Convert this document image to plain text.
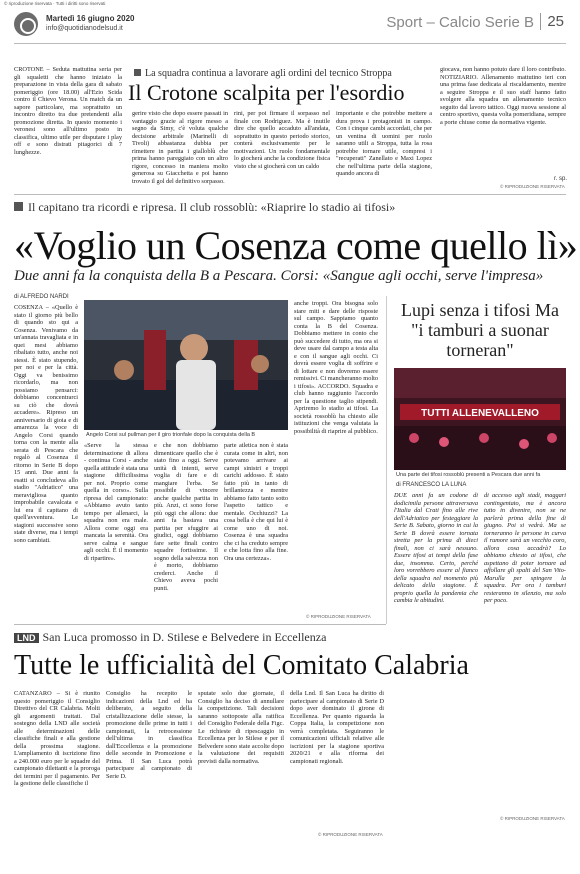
© riproduzione riservata · Tutti i diritti sono riservati
Martedì 16 giugno 2020
info@quotidianodelsud.it	Sport – Calcio Serie B 25
CROTONE – Seduta mattutina seria per gli squaletti che hanno iniziato la preparazione in vista della gara di sabato pomeriggio (ore 18.00) all'Ezio Scida contro il Chievo Verona. Un match da un sapore particolare, ma soprattutto un incontro diretto tra due pretendenti alla promozione diretta. In questo momento i veronesi sono all'ultimo posto in classifica, ultimo utile per disputare i play off e sono distrati pitagorici di 7 lunghezze.
La squadra continua a lavorare agli ordini del tecnico Stroppa
Il Crotone scalpita per l'esordio
gerire visto che dopo essere passati in vantaggio grazie al rigore messo a segno da Simy, c'è voluta qualche decisione arbitrale (Marinelli di Tivoli) abbastanza dubbia per rimettere in partita i gialloblù che prima hanno pareggiato con un altro rigore, concesso in maniera molto generosa su Giacchetta e poi hanno trovato il gol del definitivo sorpasso.
rini, per poi firmare il sorpasso nel finale con Rodriguez. Ma è inutile dire che quello accaduto all'andata, soprattutto in questo periodo storico, conterà esclusivamente per le motivazioni. Un ruolo fondamentale lo giocherà anche la condizione fisica visto che si giocherà con un caldo
importante e che potrebbe mettere a dura prova i protagonisti in campo. Con i cinque cambi accordati, che per un ventina di uomini per ruolo saranno utili a Stroppa, tutta la rosa potrebbe tornare utile, compresi i "recuperati" Zanellato e Maxi Lopez che nell'ultima parte della stagione, quando ancora di
giocava, non hanno potuto dare il loro contributo. NOTIZIARIO. Allenamento mattutino ieri con una prima fase dedicata al riscaldamento, mentre a seguire Stroppa e il suo staff hanno fatto svolgere alla squadra un allenamento tecnico seguito dal lavoro tattico. Oggi nuova sessione al centro sportivo, questa volta pomeridiana, sempre a porte chiuse come da normativa vigente.
r. sp.
© RIPRODUZIONE RISERVATA
Il capitano tra ricordi e ripresa. Il club rossoblù: «Riaprire lo stadio ai tifosi»
«Voglio un Cosenza come quello lì»
Due anni fa la conquista della B a Pescara. Corsi: «Sangue agli occhi, serve l'impresa»
di ALFREDO NARDI
COSENZA – «Quello è stato il giorno più bello di quando sto qui a Cosenza. Venivamo da un'annata travagliata e in quei mesi abbiamo ribaltato tutto, anche noi stessi. È stato stupendo, per noi e per la città. Oggi va benissimo ricordarlo, ma non possiamo pensarci: dobbiamo concentrarci su ciò che dovrà accadere». Ripreso un anniversario di gioia e di amarezza la voce di Angelo Corsi quando torna con la mente alla serata di Pescara che regalò al Cosenza il ritorno in Serie B dopo 15 anni. Due anni fa esatti si concludeva allo stadio "Adriatico" una meravigliosa quanto improbabile cavalcata e lui era il capitano di quell'avventura. Le stagioni successive sono state diverse, ma i tempi sono cambiati.
Angelo Corsi sul pullman per il giro trionfale dopo la conquista della B
«Serve la stessa determinazione di allora - continua Corsi - anche quella attitude è stata una stagione difficilissima per noi. Proprio come quella in corso». Sulla ripresa del campionato: «Abbiamo avuto tanto tempo per allenarci, la squadra non era male. Allora come oggi era mancata la serenità. Ora serve calma e sangue agli occhi. È il momento di ripartire».
e che non dobbiamo dimenticare quello che è stato fino a oggi. Serve unità di intenti, serve voglia di fare e di mangiare l'erba. Se possibile di vincere anche qualche partita in più. Anzi, ci sono forse più oggi che allora: due anni fa bastava una partita per sfuggire ai giudici, oggi dobbiamo fare sette finali contro squadre fortissime. Il sogno della salvezza non è morto, dobbiamo crederci. Anche il Chievo aveva pochi punti.
parte atletica non è stata curata come in altri, non potevamo arrivare ai campi sinistri e troppi carichi addosso. È stato fatto più in tanto di brillantezza e mentre abbiamo fatto tanto sotto l'aspetto tattico e mentale. Occhiuzzi? La cosa bella è che qui lui è come uno di noi. Cosenza è una squadra che ci ha creduto sempre e che lotta fino alla fine. Ora una certezza».
anche troppi. Ora bisogna solo stare miti e dare delle risposte sul campo. Sappiamo quanto conta la B del Cosenza. Dobbiamo mettere in conto che può succedere di tutto, ma ora si deve usare dal campo a testa alta e con il sangue agli occhi. Ci dovrà essere voglia di soffrire e di lottare e non dovremo essere remissivi. Ci mancheranno molto i tifosi». ACCORDO. Squadra e club hanno raggiunto l'accordo per la questione taglio stipendi. Apriremo lo stadio ai tifosi. La società rossoblù ha chiesto alle istituzioni che venga valutata la possibilità di riaprire al pubblico.
© RIPRODUZIONE RISERVATA
Lupi senza i tifosi Ma "i tamburi a suonar torneran"
TUTTI ALLENEVALLENO
Una parte dei tifosi rossoblù presenti a Pescara due anni fa
di FRANCESCO LA LUNA
DUE anni fa un codone di dodicimila persone attraversava l'Italia dal Crati fino alle rive dell'Adriatico per festeggiare la Serie B. Sabato, giorno in cui la Serie B dovrà essere tornata stretta per la prima di dieci finali, non ci sarà nessuno. Essere tifosi ai tempi della fase due, insomma. Certo, perché loro vorrebbero essere al fianco della squadra nel momento più delicato della stagione. È proprio quella la pandemia che cambia le abitudini.
di accesso agli stadi, maggari contingentato, ma è ancora tutto in divenire, non se ne parlerà prima della fine di giugno. Poi si vedrà. Ma se torneranno le persone in curva il rumore sarà un vecchio coro, allora cosa accadrà? Lo abbiamo chiesto ai tifosi, che aspettano di poter tornare ad affollare gli spalti del San Vito-Marulla per spingere la squadra. Per ora i tamburi resteranno in silenzio, ma solo per poco.
© RIPRODUZIONE RISERVATA
LND San Luca promosso in D. Stilese e Belvedere in Eccellenza
Tutte le ufficialità del Comitato Calabria
CATANZARO – Si è riunito questo pomeriggio il Consiglio Direttivo del CR Calabria. Molti gli argomenti trattati. Dal sostegno della LND alle società alle determinazioni delle classifiche finali e alla gestione della prossima stagione. L'ampliamento di iscrizione fino a 240.000 euro per le squadre del campionato dilettanti e la proroga dei termini per il pagamento. Per la gestione delle classifiche il
Consiglio ha recepito le indicazioni della Lnd ed ha deliberato, a seguito della cristallizzazione delle stesse, la promozione delle prime in tutti i campionati, la retrocessione dell'ultima in classifica dall'Eccellenza e la promozione delle seconde in Promozione e Prima. Il San Luca potrà partecipare al campionato di Serie D.
sputate solo due giornate, il Consiglio ha deciso di annullare la competizione. Tali decisioni saranno sottoposte alla ratifica del Consiglio Federale della Figc. Le richieste di ripescaggio in Eccellenza per lo Stilese e per il Belvedere sono state accolte dopo la valutazione dei requisiti previsti dalla normativa.
della Lnd. Il San Luca ha diritto di partecipare al campionato di Serie D dopo aver dominato il girone di Eccellenza. Per quanto riguarda la Coppa Italia, la competizione non verrà completata. Seguiranno le comunicazioni ufficiali relative alle iscrizioni per la stagione sportiva 2020/21 e alla riforma dei campionati regionali.
© RIPRODUZIONE RISERVATA
